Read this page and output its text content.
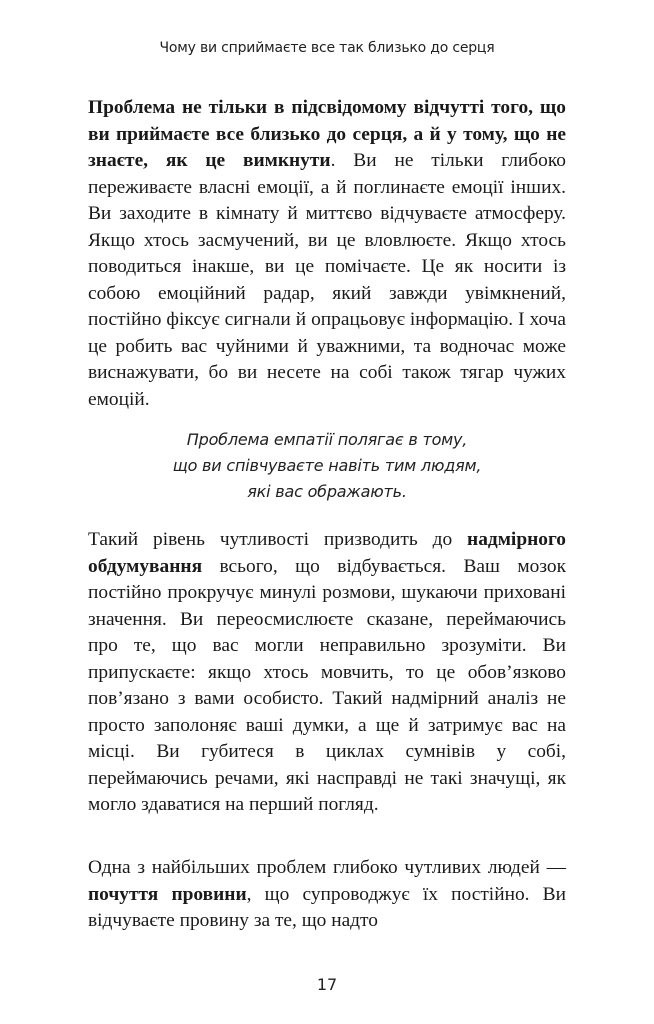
Чому ви сприймаєте все так близько до серця

Проблема не тільки в підсвідомому відчутті того, що ви приймаєте все близько до серця, а й у тому, що не знаєте, як це вимкнути. Ви не тільки глибоко переживаєте власні емоції, а й поглинаєте емоції інших. Ви заходите в кімнату й миттєво відчуваєте атмосферу. Якщо хтось засмучений, ви це вловлюєте. Якщо хтось поводиться інакше, ви це помічаєте. Це як носити із собою емоційний радар, який завжди увімкнений, постійно фіксує сигнали й опрацьовує інформацію. І хоча це робить вас чуйними й уважними, та водночас може виснажувати, бо ви несете на собі також тягар чужих емоцій.

Проблема емпатії полягає в тому,
що ви співчуваєте навіть тим людям,
які вас ображають.

Такий рівень чутливості призводить до надмірного обдумування всього, що відбувається. Ваш мозок постійно прокручує минулі розмови, шукаючи приховані значення. Ви переосмислюєте сказане, переймаючись про те, що вас могли неправильно зрозуміти. Ви припускаєте: якщо хтось мовчить, то це обов’язково пов’язано з вами особисто. Такий надмірний аналіз не просто заполоняє ваші думки, а ще й затримує вас на місці. Ви губитеся в циклах сумнівів у собі, переймаючись речами, які насправді не такі значущі, як могло здаватися на перший погляд.

Одна з найбільших проблем глибоко чутливих людей — почуття провини, що супроводжує їх постійно. Ви відчуваєте провину за те, що надто

17
